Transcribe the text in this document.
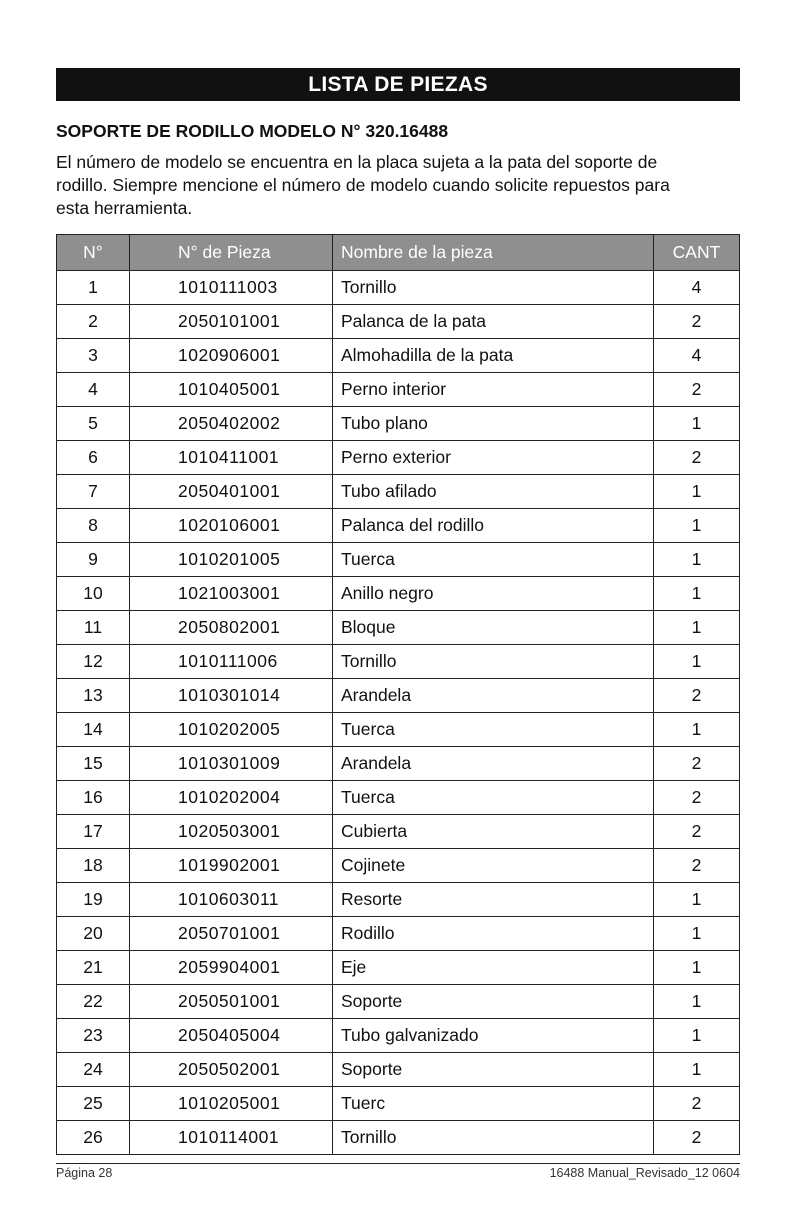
LISTA DE PIEZAS
SOPORTE DE RODILLO MODELO N° 320.16488

El número de modelo se encuentra en la placa sujeta a la pata del soporte de

rodillo. Siempre mencione el número de modelo cuando solicite repuestos para

esta herramienta.

N°	N° de Pieza	Nombre de la pieza	CANT
1	1010111003	Tornillo	4
2	2050101001	Palanca de la pata	2
3	1020906001	Almohadilla de la pata	4
4	1010405001	Perno interior	2
5	2050402002	Tubo plano	1
6	1010411001	Perno exterior	2
7	2050401001	Tubo afilado	1
8	1020106001	Palanca del rodillo	1
9	1010201005	Tuerca	1
10	1021003001	Anillo negro	1
11	2050802001	Bloque	1
12	1010111006	Tornillo	1
13	1010301014	Arandela	2
14	1010202005	Tuerca	1
15	1010301009	Arandela	2
16	1010202004	Tuerca	2
17	1020503001	Cubierta	2
18	1019902001	Cojinete	2
19	1010603011	Resorte	1
20	2050701001	Rodillo	1
21	2059904001	Eje	1
22	2050501001	Soporte	1
23	2050405004	Tubo galvanizado	1
24	2050502001	Soporte	1
25	1010205001	Tuerc	2
26	1010114001	Tornillo	2
Página 28	16488 Manual_Revisado_12 0604
